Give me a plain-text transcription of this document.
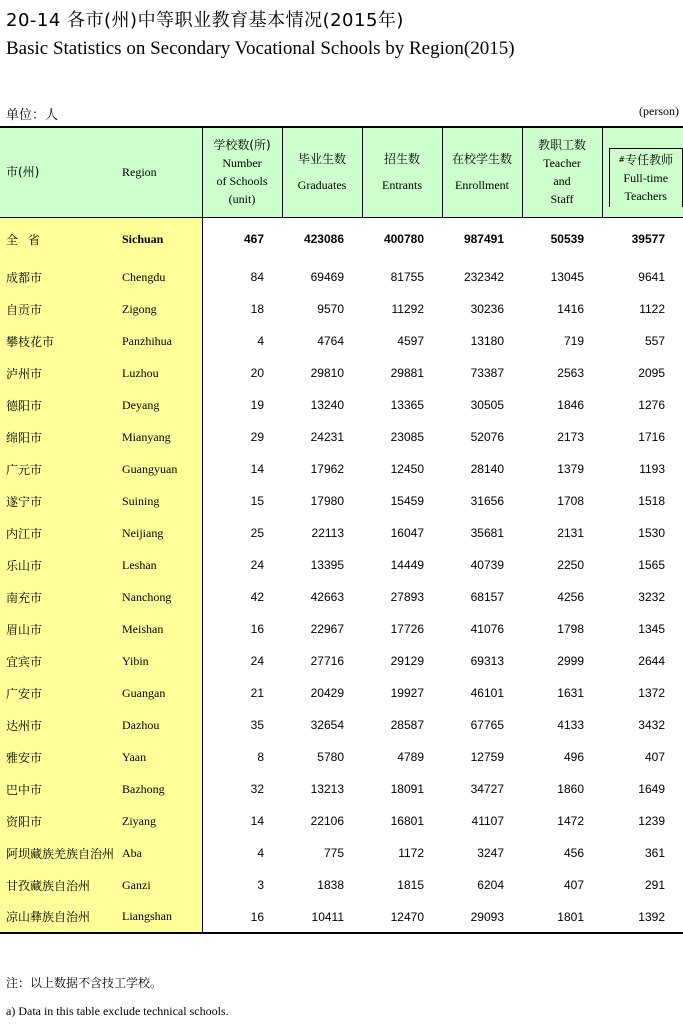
20-14 各市(州)中等职业教育基本情况(2015年)
Basic Statistics on Secondary Vocational Schools by Region(2015)
单位：人	(person)
市(州)	Region	学校数(所)
Number
of Schools
(unit)	毕业生数
Graduates	招生数
Entrants	在校学生数
Enrollment	教职工数
Teacher
and
Staff	#专任教师
Full-time
Teachers

全省	Sichuan	467	423086	400780	987491	50539	39577
成都市	Chengdu	84	69469	81755	232342	13045	9641
自贡市	Zigong	18	9570	11292	30236	1416	1122
攀枝花市	Panzhihua	4	4764	4597	13180	719	557
泸州市	Luzhou	20	29810	29881	73387	2563	2095
德阳市	Deyang	19	13240	13365	30505	1846	1276
绵阳市	Mianyang	29	24231	23085	52076	2173	1716
广元市	Guangyuan	14	17962	12450	28140	1379	1193
遂宁市	Suining	15	17980	15459	31656	1708	1518
内江市	Neijiang	25	22113	16047	35681	2131	1530
乐山市	Leshan	24	13395	14449	40739	2250	1565
南充市	Nanchong	42	42663	27893	68157	4256	3232
眉山市	Meishan	16	22967	17726	41076	1798	1345
宜宾市	Yibin	24	27716	29129	69313	2999	2644
广安市	Guangan	21	20429	19927	46101	1631	1372
达州市	Dazhou	35	32654	28587	67765	4133	3432
雅安市	Yaan	8	5780	4789	12759	496	407
巴中市	Bazhong	32	13213	18091	34727	1860	1649
资阳市	Ziyang	14	22106	16801	41107	1472	1239
阿坝藏族羌族自治州	Aba	4	775	1172	3247	456	361
甘孜藏族自治州	Ganzi	3	1838	1815	6204	407	291
凉山彝族自治州	Liangshan	16	10411	12470	29093	1801	1392
注：以上数据不含技工学校。
a) Data in this table exclude technical schools.
